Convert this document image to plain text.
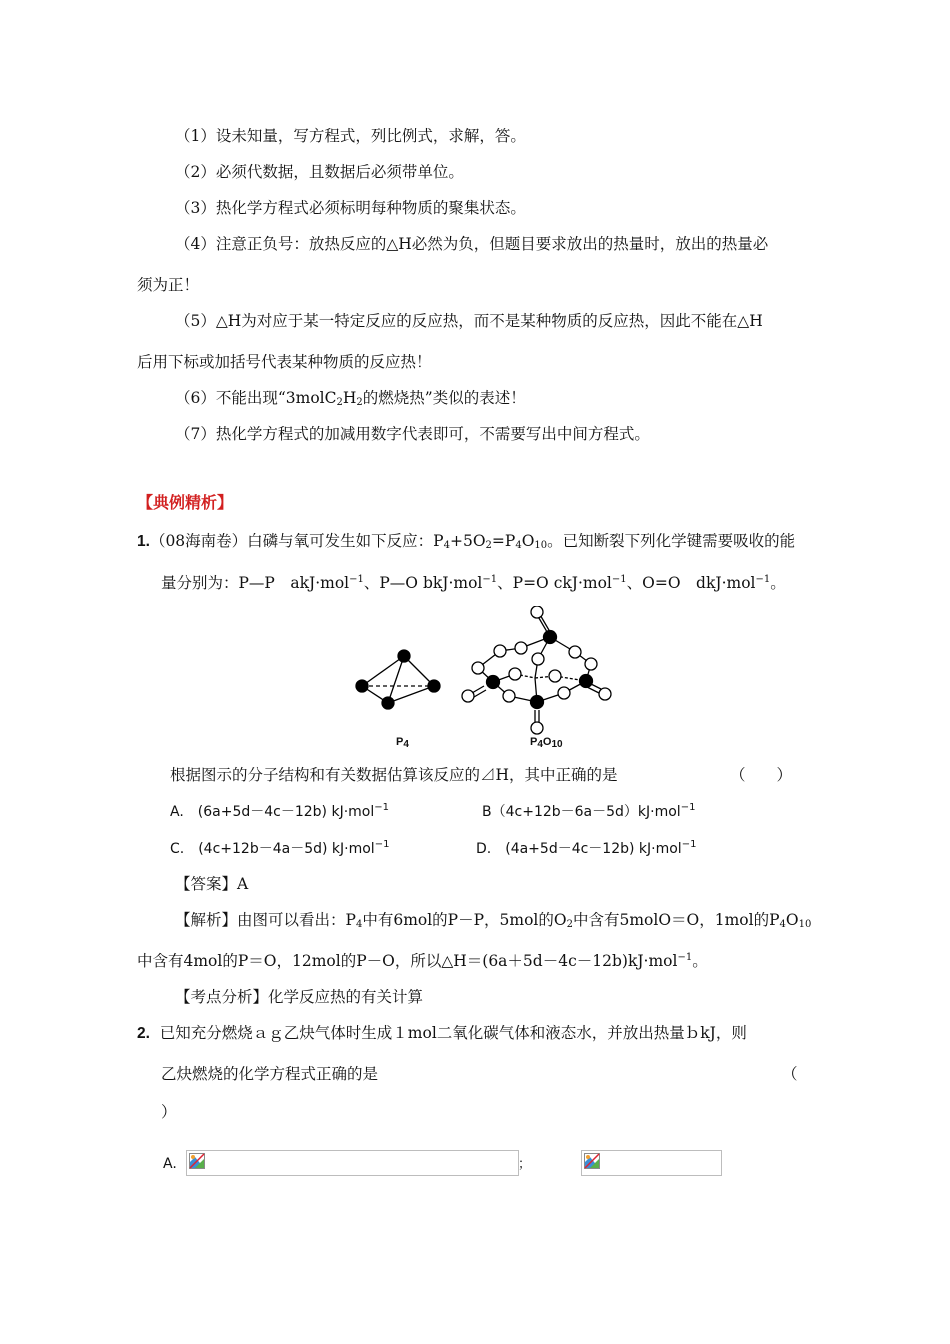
（1）设未知量，写方程式，列比例式，求解，答。
（2）必须代数据，且数据后必须带单位。
（3）热化学方程式必须标明每种物质的聚集状态。
（4）注意正负号：放热反应的△H必然为负，但题目要求放出的热量时，放出的热量必
须为正！
（5）△H为对应于某一特定反应的反应热，而不是某种物质的反应热，因此不能在△H
后用下标或加括号代表某种物质的反应热！
（6）不能出现“$3molC_2H_2$的燃烧热”类似的表述！
（7）热化学方程式的加减用数字代表即可，不需要写出中间方程式。
【典例精析】
1.（08海南卷）白磷与氧可发生如下反应：$P_4+5O_2=P_4O_{10}$。已知断裂下列化学键需要吸收的能
量分别为：P—P　akJ·mol$^{-1}$、P—O bkJ·mol$^{-1}$、P=O ckJ·mol$^{-1}$、O=O　dkJ·mol$^{-1}$。
$P_4$	$P_4O_{10}$
根据图示的分子结构和有关数据估算该反应的⊿H，其中正确的是	（　　）
A.　(6a+5d－4c－12b) kJ·mol$^{-1}$	B（4c+12b－6a－5d）kJ·mol$^{-1}$
C.　(4c+12b－4a－5d) kJ·mol$^{-1}$	D.　(4a+5d－4c－12b) kJ·mol$^{-1}$
【答案】A
【解析】由图可以看出：$P_4$中有6mol的P－P，5mol的$O_2$中含有5molO＝O，1mol的$P_4O_{10}$
中含有4mol的P＝O，12mol的P－O，所以△H＝(6a＋5d－4c－12b)kJ·mol$^{-1}$。
【考点分析】化学反应热的有关计算
2. 已知充分燃烧ａｇ乙炔气体时生成１mol二氧化碳气体和液态水，并放出热量ｂkJ，则
乙炔燃烧的化学方程式正确的是	（
）
A.	；
